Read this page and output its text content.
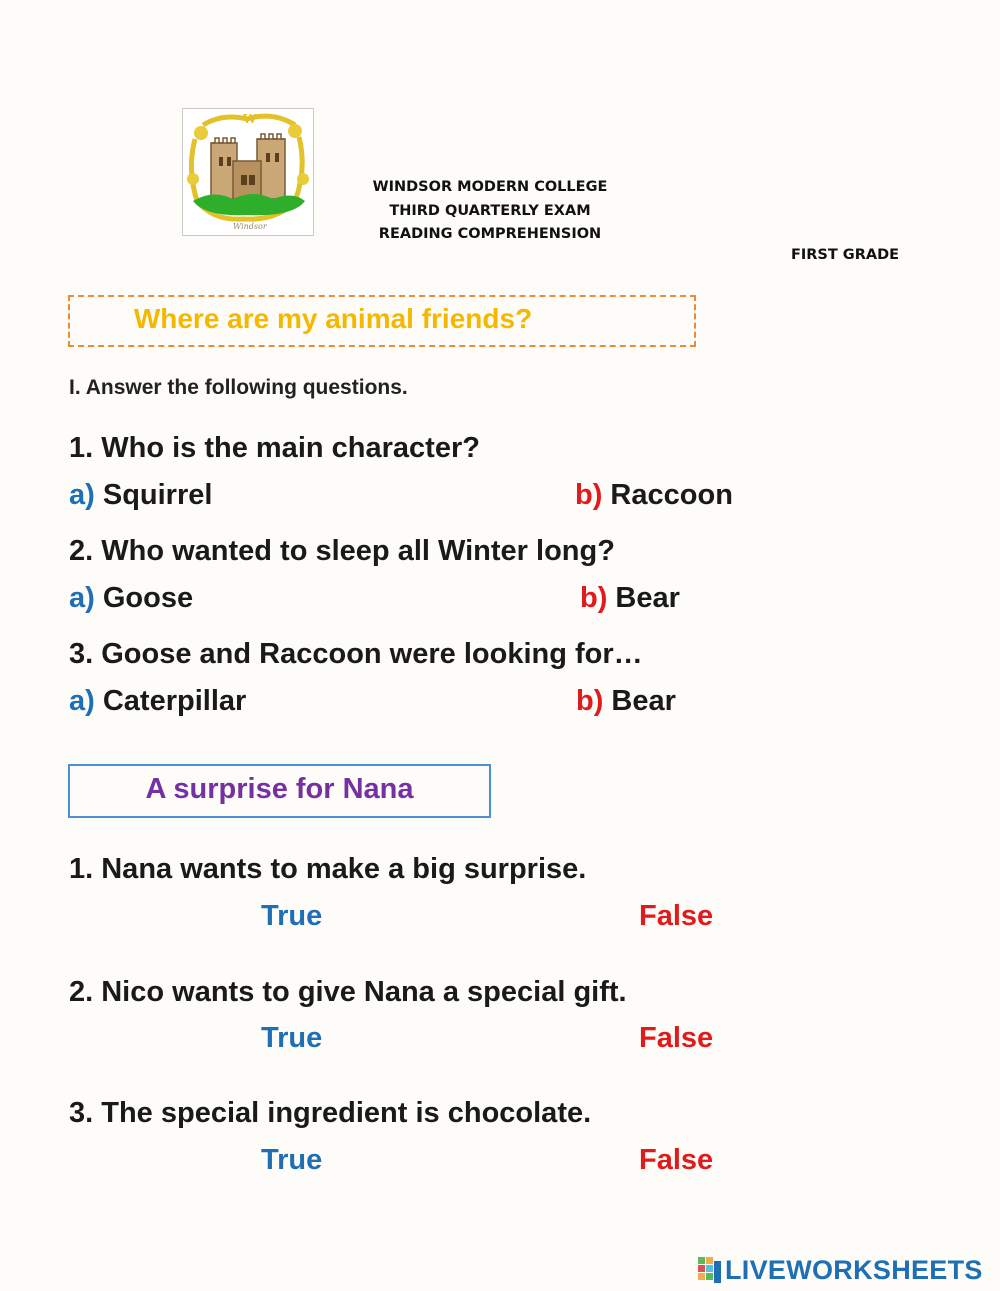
W
Windsor
WINDSOR MODERN COLLEGE
THIRD QUARTERLY EXAM
READING COMPREHENSION
FIRST GRADE
Where are my animal friends?
I. Answer the following questions.
1. Who is the main character?
a) Squirrel	b) Raccoon
2. Who wanted to sleep all Winter long?
a) Goose	b) Bear
3. Goose and Raccoon were looking for…
a) Caterpillar	b) Bear
A surprise for Nana
1. Nana wants to make a big surprise.
True	False
2. Nico wants to give Nana a special gift.
True	False
3. The special ingredient is chocolate.
True	False
LIVEWORKSHEETS
